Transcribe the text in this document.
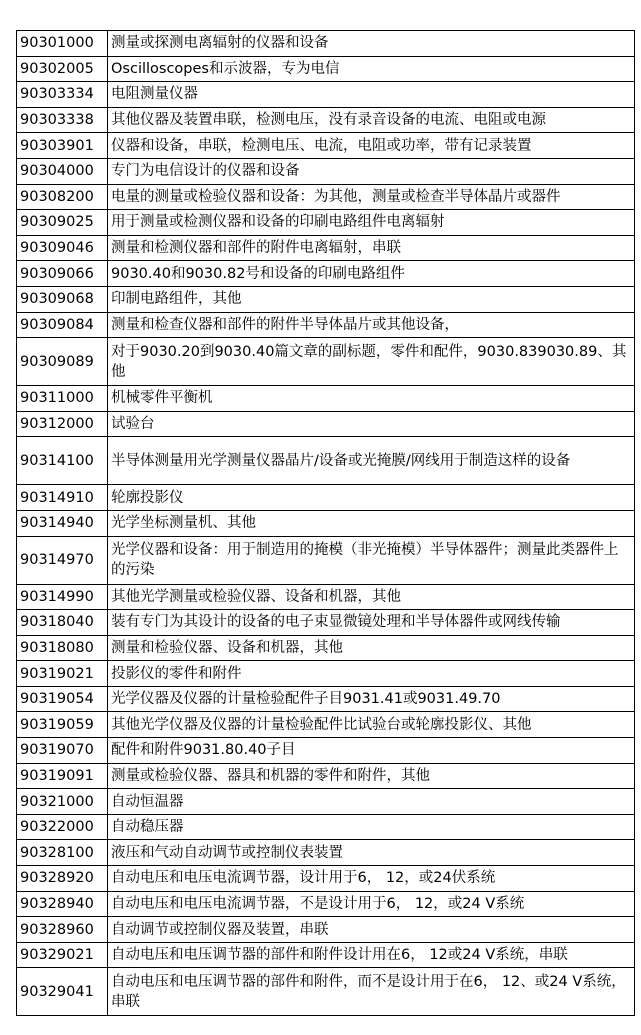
90301000	测量或探测电离辐射的仪器和设备
90302005	Oscilloscopes和示波器，专为电信
90303334	电阻测量仪器
90303338	其他仪器及装置串联，检测电压，没有录音设备的电流、电阻或电源
90303901	仪器和设备，串联，检测电压、电流，电阻或功率，带有记录装置
90304000	专门为电信设计的仪器和设备
90308200	电量的测量或检验仪器和设备：为其他，测量或检查半导体晶片或器件
90309025	用于测量或检测仪器和设备的印刷电路组件电离辐射
90309046	测量和检测仪器和部件的附件电离辐射，串联
90309066	9030.40和9030.82号和设备的印刷电路组件
90309068	印制电路组件，其他
90309084	测量和检查仪器和部件的附件半导体晶片或其他设备，
90309089	对于9030.20到9030.40篇文章的副标题，零件和配件，9030.839030.89、其他
90311000	机械零件平衡机
90312000	试验台
90314100	半导体测量用光学测量仪器晶片/设备或光掩膜/网线用于制造这样的设备
90314910	轮廓投影仪
90314940	光学坐标测量机、其他
90314970	光学仪器和设备：用于制造用的掩模（非光掩模）半导体器件；测量此类器件上的污染
90314990	其他光学测量或检验仪器、设备和机器，其他
90318040	装有专门为其设计的设备的电子束显微镜处理和半导体器件或网线传输
90318080	测量和检验仪器、设备和机器，其他
90319021	投影仪的零件和附件
90319054	光学仪器及仪器的计量检验配件子目9031.41或9031.49.70
90319059	其他光学仪器及仪器的计量检验配件比试验台或轮廓投影仪、其他
90319070	配件和附件9031.80.40子目
90319091	测量或检验仪器、器具和机器的零件和附件，其他
90321000	自动恒温器
90322000	自动稳压器
90328100	液压和气动自动调节或控制仪表装置
90328920	自动电压和电压电流调节器，设计用于6， 12，或24伏系统
90328940	自动电压和电压电流调节器，不是设计用于6， 12，或24 V系统
90328960	自动调节或控制仪器及装置，串联
90329021	自动电压和电压调节器的部件和附件设计用在6， 12或24 V系统，串联
90329041	自动电压和电压调节器的部件和附件，而不是设计用于在6， 12、或24 V系统，串联
